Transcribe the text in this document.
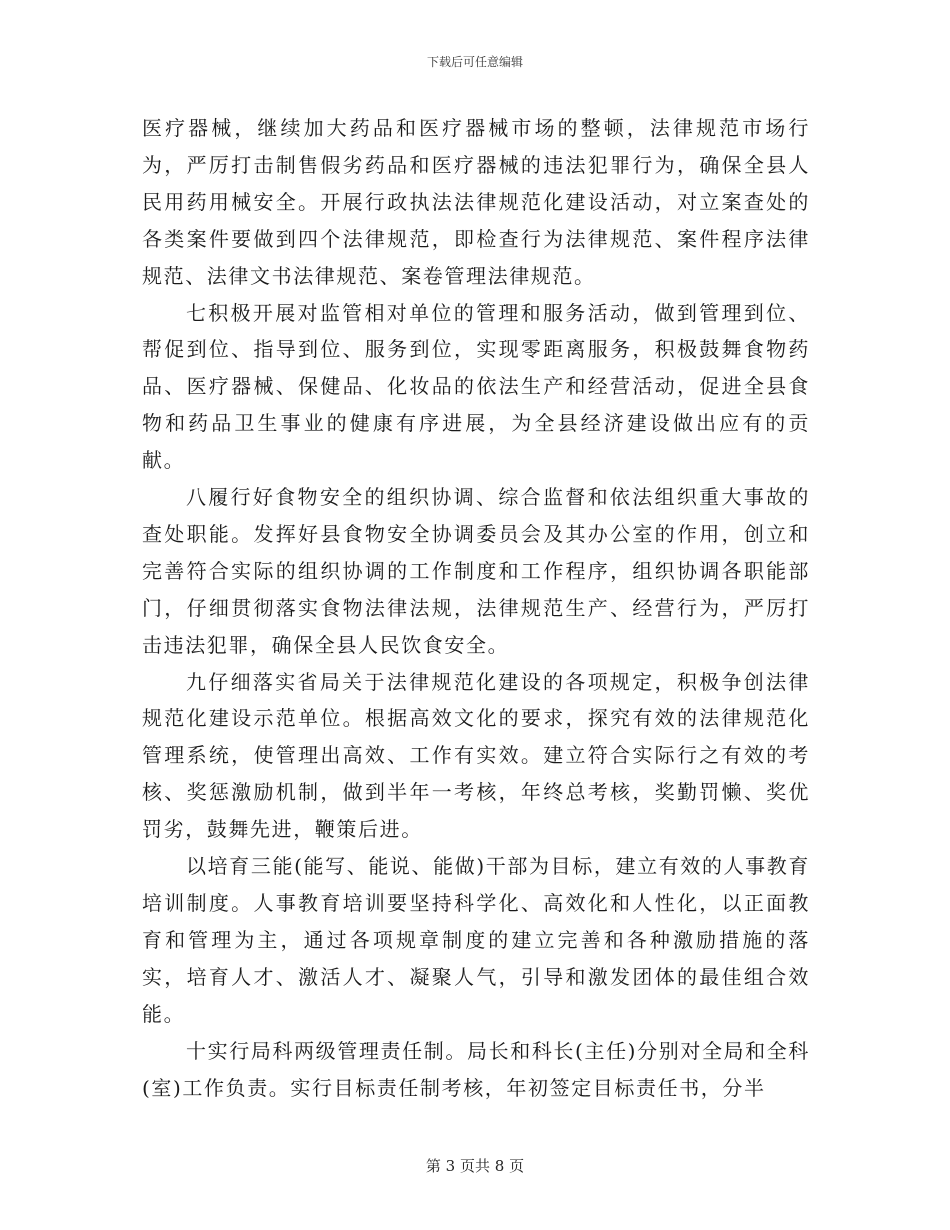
下载后可任意编辑

医疗器械，继续加大药品和医疗器械市场的整顿，法律规范市场行为，严厉打击制售假劣药品和医疗器械的违法犯罪行为，确保全县人民用药用械安全。开展行政执法法律规范化建设活动，对立案查处的各类案件要做到四个法律规范，即检查行为法律规范、案件程序法律规范、法律文书法律规范、案卷管理法律规范。

七积极开展对监管相对单位的管理和服务活动，做到管理到位、帮促到位、指导到位、服务到位，实现零距离服务，积极鼓舞食物药品、医疗器械、保健品、化妆品的依法生产和经营活动，促进全县食物和药品卫生事业的健康有序进展，为全县经济建设做出应有的贡献。

八履行好食物安全的组织协调、综合监督和依法组织重大事故的查处职能。发挥好县食物安全协调委员会及其办公室的作用，创立和完善符合实际的组织协调的工作制度和工作程序，组织协调各职能部门，仔细贯彻落实食物法律法规，法律规范生产、经营行为，严厉打击违法犯罪，确保全县人民饮食安全。

九仔细落实省局关于法律规范化建设的各项规定，积极争创法律规范化建设示范单位。根据高效文化的要求，探究有效的法律规范化管理系统，使管理出高效、工作有实效。建立符合实际行之有效的考核、奖惩激励机制，做到半年一考核，年终总考核，奖勤罚懒、奖优罚劣，鼓舞先进，鞭策后进。

以培育三能(能写、能说、能做)干部为目标，建立有效的人事教育培训制度。人事教育培训要坚持科学化、高效化和人性化，以正面教育和管理为主，通过各项规章制度的建立完善和各种激励措施的落实，培育人才、激活人才、凝聚人气，引导和激发团体的最佳组合效能。

十实行局科两级管理责任制。局长和科长(主任)分别对全局和全科(室)工作负责。实行目标责任制考核，年初签定目标责任书，分半

第 3 页共 8 页
